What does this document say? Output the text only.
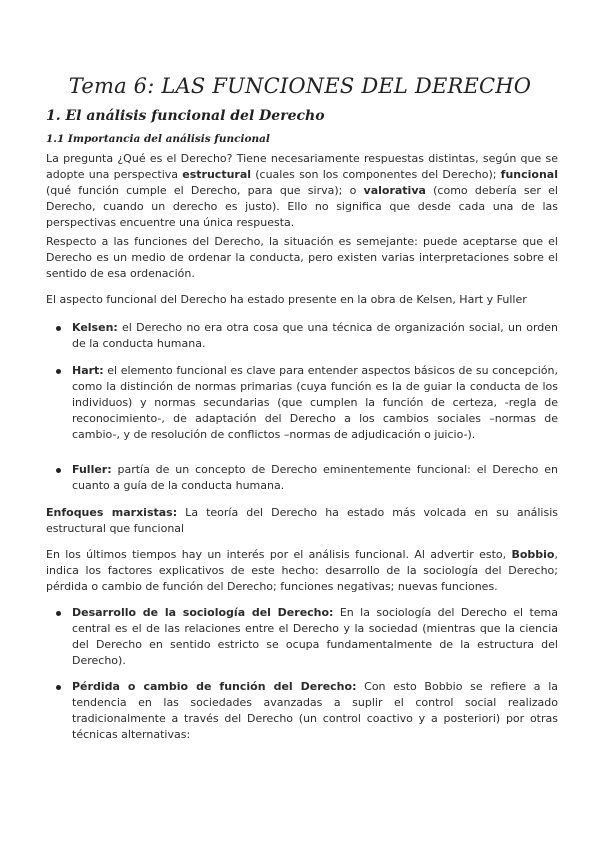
Tema 6: LAS FUNCIONES DEL DERECHO
1. El análisis funcional del Derecho
1.1 Importancia del análisis funcional

La pregunta ¿Qué es el Derecho? Tiene necesariamente respuestas distintas, según que se adopte una perspectiva estructural (cuales son los componentes del Derecho); funcional (qué función cumple el Derecho, para que sirva); o valorativa (como debería ser el Derecho, cuando un derecho es justo). Ello no significa que desde cada una de las perspectivas encuentre una única respuesta.

Respecto a las funciones del Derecho, la situación es semejante: puede aceptarse que el Derecho es un medio de ordenar la conducta, pero existen varias interpretaciones sobre el sentido de esa ordenación.

El aspecto funcional del Derecho ha estado presente en la obra de Kelsen, Hart y Fuller

Kelsen: el Derecho no era otra cosa que una técnica de organización social, un orden de la conducta humana.

Hart: el elemento funcional es clave para entender aspectos básicos de su concepción, como la distinción de normas primarias (cuya función es la de guiar la conducta de los individuos) y normas secundarias (que cumplen la función de certeza, -regla de reconocimiento-, de adaptación del Derecho a los cambios sociales –normas de cambio-, y de resolución de conflictos –normas de adjudicación o juicio-).

Fuller: partía de un concepto de Derecho eminentemente funcional: el Derecho en cuanto a guía de la conducta humana.

Enfoques marxistas: La teoría del Derecho ha estado más volcada en su análisis estructural que funcional

En los últimos tiempos hay un interés por el análisis funcional. Al advertir esto, Bobbio, indica los factores explicativos de este hecho: desarrollo de la sociología del Derecho; pérdida o cambio de función del Derecho; funciones negativas; nuevas funciones.

Desarrollo de la sociología del Derecho: En la sociología del Derecho el tema central es el de las relaciones entre el Derecho y la sociedad (mientras que la ciencia del Derecho en sentido estricto se ocupa fundamentalmente de la estructura del Derecho).

Pérdida o cambio de función del Derecho: Con esto Bobbio se refiere a la tendencia en las sociedades avanzadas a suplir el control social realizado tradicionalmente a través del Derecho (un control coactivo y a posteriori) por otras técnicas alternativas:
